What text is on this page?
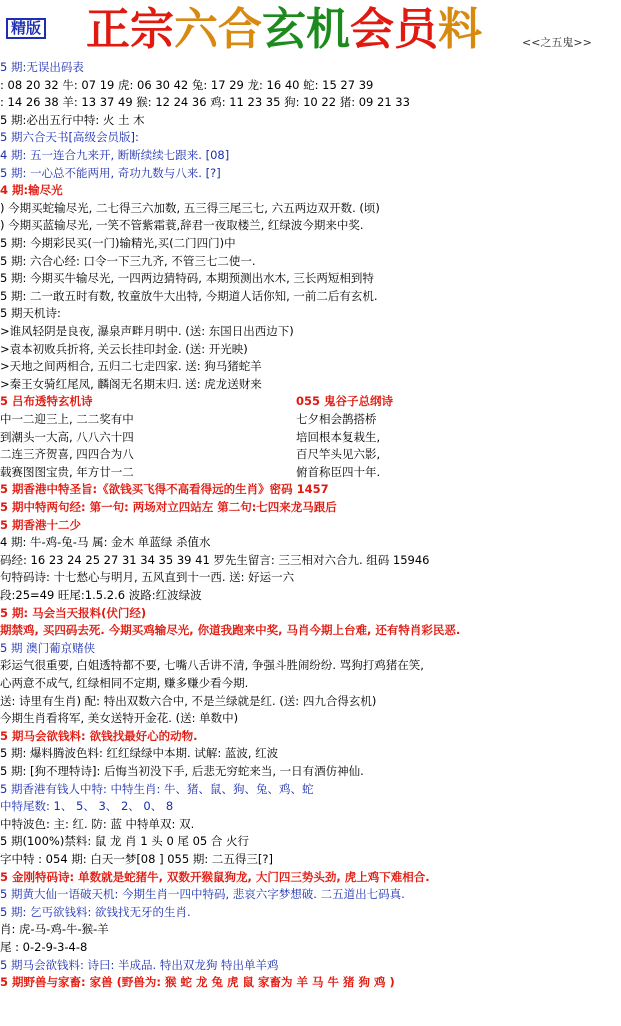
精版 正宗六合玄机会员料	<<之五鬼>>
5 期:无误出码表
: 08 20 32 牛: 07 19 虎: 06 30 42 兔: 17 29 龙: 16 40 蛇: 15 27 39
: 14 26 38 羊: 13 37 49 猴: 12 24 36 鸡: 11 23 35 狗: 10 22 猪: 09 21 33
5 期:必出五行中特: 火 土 木
5 期六合天书[高级会员版]:
4 期: 五一连合九来开, 断断续续七跟来. [08]
5 期: 一心总不能两用, 奇功九数与八来. [?]
4 期:输尽光
) 今期买蛇输尽光, 二七得三六加数, 五三得三尾三七, 六五两边双开数. (顷)
) 今期买蓝输尽光, 一笑不管紫霜蓑,辞君一夜取楼兰, 红绿波今期来中奖.
5 期: 今期彩民买(一门)输精光,买(二门四门)中
5 期: 六合心经: 口令一下三九齐, 不管三七二使一.
5 期: 今期买牛输尽光, 一四两边猜特码, 本期预测出水木, 三长两短相到特
5 期: 二一敢五时有数, 牧童放牛大出特, 今期道人话你知, 一前二后有玄机.
5 期天机诗:
>谁风轻阴是良夜, 瀑泉声畔月明中. (送: 东国日出西边下)
>袁本初败兵折将, 关云长挂印封金. (送: 开光映)
>天地之间两相合, 五归二七走四家. 送: 狗马猪蛇羊
>秦王女骑红尾凤, 麟阁无名期末归. 送: 虎龙送财来
5 吕布透特玄机诗
中一二迎三上, 二二奖有中
到潮头一大高, 八八六十四
二连三齐贺喜, 四四合为八
载赛图图宝贵, 年方廿一二
5 期香港中特圣旨:《欲钱买飞得不高看得远的生肖》密码 1457
5 期中特两句经: 第一句: 两场对立四站左 第二句:七四来龙马跟后
5 期香港十二少
4 期: 牛-鸡-兔-马 属: 金木 单蓝绿 杀值水
码经: 16 23 24 25 27 31 34 35 39 41 罗先生留言: 三三相对六合九. 组码 15946
句特码诗: 十七愁心与明月, 五风直到十一西. 送: 好运一六
段:25=49 旺尾:1.5.2.6 波路:红波绿波
5 期: 马会当天报料(伏门经)
期禁鸡, 买四码去死. 今期买鸡输尽光, 你道我跑来中奖, 马肖今期上台难, 还有特肖彩民恶.
5 期 澳门葡京赌侠
彩运气很重要, 白姐透特都不要, 七嘴八舌讲不清, 争强斗胜闹纷纷. 骂狗打鸡猪在笑,
心两意不成气, 红绿相同不定期, 赚多赚少看今期.
送: 诗里有生肖) 配: 特出双数六合中, 不是兰绿就是红. (送: 四九合得玄机)
今期生肖看将军, 美女送特开金花. (送: 单数中)
5 期马会欲钱料: 欲钱找最好心的动物.
5 期: 爆料腾波色料: 红红绿绿中本期. 试解: 蓝波, 红波
5 期: [狗不理特诗]: 后悔当初没下手, 后悲无穷蛇来当, 一日有酒仿神仙.
5 期香港有钱人中特: 中特生肖: 牛、猪、鼠、狗、兔、鸡、蛇
中特尾数: 1、 5、 3、 2、 0、 8
中特波色: 主: 红. 防: 蓝 中特单双: 双.
5 期(100%)禁料: 鼠 龙 肖 1 头 0 尾 05 合 火行
字中特 : 054 期: 白天一梦[08 ] 055 期: 二五得三[?]
5 金刚特码诗: 单数就是蛇猪牛, 双数开猴鼠狗龙, 大门四三势头劲, 虎上鸡下难相合.
5 期黄大仙一语破天机: 今期生肖一四中特码, 悲哀六字梦想破. 二五道出七码真.
5 期: 乞丐欲钱料: 欲钱找无牙的生肖.
肖: 虎-马-鸡-牛-猴-羊
尾 : 0-2-9-3-4-8
5 期马会欲钱料: 诗曰: 半成品. 特出双龙狗 特出单羊鸡
5 期野兽与家畜: 家兽 (野兽为: 猴 蛇 龙 兔 虎 鼠 家畜为 羊 马 牛 猪 狗 鸡 )
055 鬼谷子总纲诗
七夕相会鹊搭桥
培回根本复栽生,
百尺竿头见六影,
俯首称臣四十年.
